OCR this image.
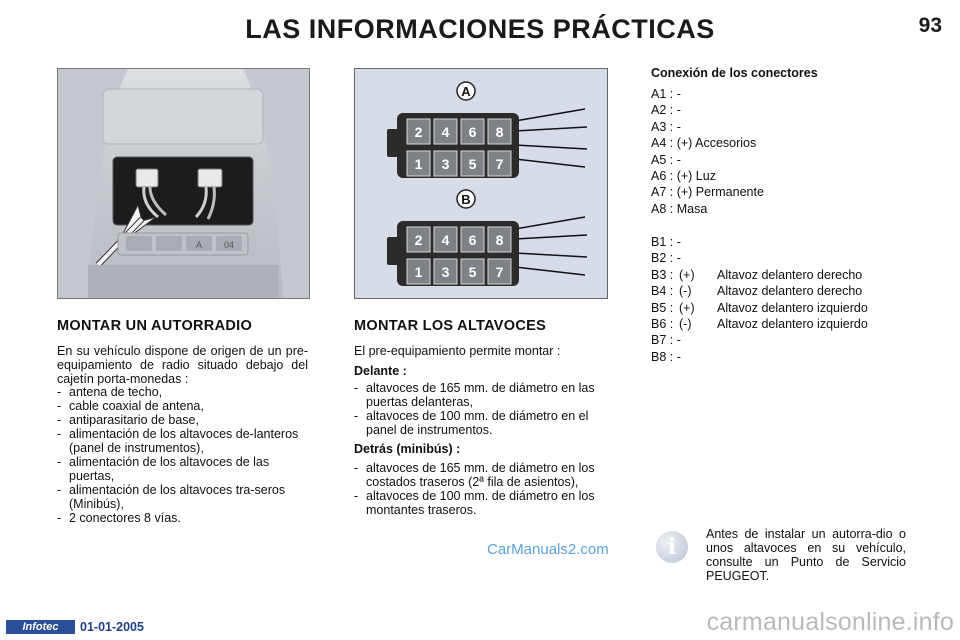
LAS INFORMACIONES PRÁCTICAS	93
A 04
A
B
2 4 6 8
1 3 5 7
2 4 6 8
1 3 5 7
MONTAR UN AUTORRADIO
En su vehículo dispone de origen de un pre-equipamiento de radio situado debajo del cajetín porta-monedas :
- antena de techo,
- cable coaxial de antena,
- antiparasitario de base,
- alimentación de los altavoces de-lanteros (panel de instrumentos),
- alimentación de los altavoces de las puertas,
- alimentación de los altavoces tra-seros (Minibús),
- 2 conectores 8 vías.
MONTAR LOS ALTAVOCES
El pre-equipamiento permite montar :
Delante :
- altavoces de 165 mm. de diámetro en las puertas delanteras,
- altavoces de 100 mm. de diámetro en el panel de instrumentos.
Detrás (minibús) :
- altavoces de 165 mm. de diámetro en los costados traseros (2ª fila de asientos),
- altavoces de 100 mm. de diámetro en los montantes traseros.
Conexión de los conectores
A1 : -
A2 : -
A3 : -
A4 : (+) Accesorios
A5 : -
A6 : (+) Luz
A7 : (+) Permanente
A8 : Masa
B1 : -
B2 : -
B3 : (+) Altavoz delantero derecho
B4 : (-) Altavoz delantero derecho
B5 : (+) Altavoz delantero izquierdo
B6 : (-) Altavoz delantero izquierdo
B7 : -
B8 : -
i	Antes de instalar un autorra-dio o unos altavoces en su vehículo, consulte un Punto de Servicio PEUGEOT.
CarManuals2.com
Infotec	01-01-2005	carmanualsonline.info
